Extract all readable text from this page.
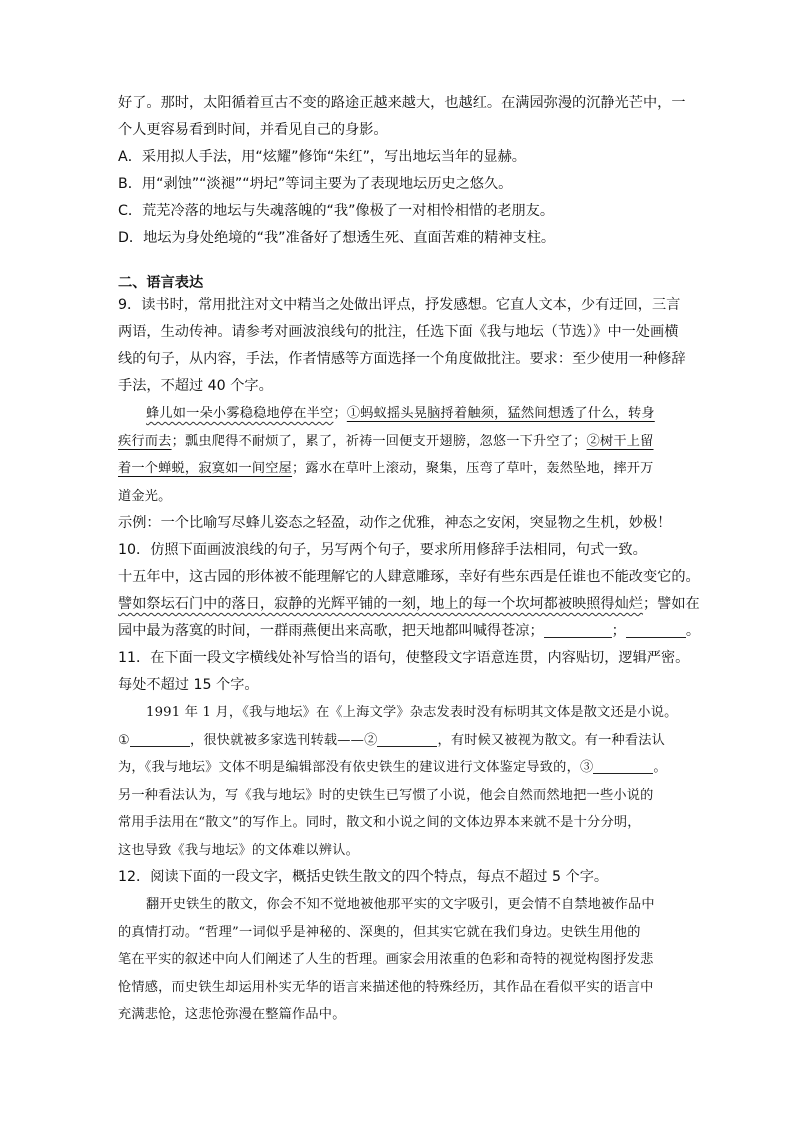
好了。那时，太阳循着亘古不变的路途正越来越大，也越红。在满园弥漫的沉静光芒中，一

个人更容易看到时间，并看见自己的身影。

A．采用拟人手法，用“炫耀”修饰“朱红”，写出地坛当年的显赫。

B．用“剥蚀”“淡褪”“坍圮”等词主要为了表现地坛历史之悠久。

C．荒芜冷落的地坛与失魂落魄的“我”像极了一对相怜相惜的老朋友。

D．地坛为身处绝境的“我”准备好了想透生死、直面苦难的精神支柱。

二、语言表达

9．读书时，常用批注对文中精当之处做出评点，抒发感想。它直人文本，少有迂回，三言

两语，生动传神。请参考对画波浪线句的批注，任选下面《我与地坛（节选）》中一处画横

线的句子，从内容，手法，作者情感等方面选择一个角度做批注。要求：至少使用一种修辞

手法，不超过 40 个字。

蜂儿如一朵小雾稳稳地停在半空；①蚂蚁摇头晃脑捋着触须，猛然间想透了什么，转身

疾行而去；瓢虫爬得不耐烦了，累了，祈祷一回便支开翅膀，忽悠一下升空了；②树干上留

着一个蝉蜕，寂寞如一间空屋；露水在草叶上滚动，聚集，压弯了草叶，轰然坠地，摔开万

道金光。

示例：一个比喻写尽蜂儿姿态之轻盈，动作之优雅，神态之安闲，突显物之生机，妙极！

10．仿照下面画波浪线的句子，另写两个句子，要求所用修辞手法相同，句式一致。

十五年中，这古园的形体被不能理解它的人肆意雕琢，幸好有些东西是任谁也不能改变它的。

譬如祭坛石门中的落日，寂静的光辉平铺的一刻，地上的每一个坎坷都被映照得灿烂；譬如在

园中最为落寞的时间，一群雨燕便出来高歌，把天地都叫喊得苍凉；	；	。

11．在下面一段文字横线处补写恰当的语句，使整段文字语意连贯，内容贴切，逻辑严密。

每处不超过 15 个字。

1991 年 1 月，《我与地坛》在《上海文学》杂志发表时没有标明其文体是散文还是小说。

①	，很快就被多家选刊转载——②	，有时候又被视为散文。有一种看法认

为，《我与地坛》文体不明是编辑部没有依史铁生的建议进行文体鉴定导致的，③	。

另一种看法认为，写《我与地坛》时的史铁生已写惯了小说，他会自然而然地把一些小说的

常用手法用在“散文”的写作上。同时，散文和小说之间的文体边界本来就不是十分分明，

这也导致《我与地坛》的文体难以辨认。

12．阅读下面的一段文字，概括史铁生散文的四个特点，每点不超过 5 个字。

翻开史铁生的散文，你会不知不觉地被他那平实的文字吸引，更会情不自禁地被作品中

的真情打动。“哲理”一词似乎是神秘的、深奥的，但其实它就在我们身边。史铁生用他的

笔在平实的叙述中向人们阐述了人生的哲理。画家会用浓重的色彩和奇特的视觉构图抒发悲

怆情感，而史铁生却运用朴实无华的语言来描述他的特殊经历，其作品在看似平实的语言中

充满悲怆，这悲怆弥漫在整篇作品中。
